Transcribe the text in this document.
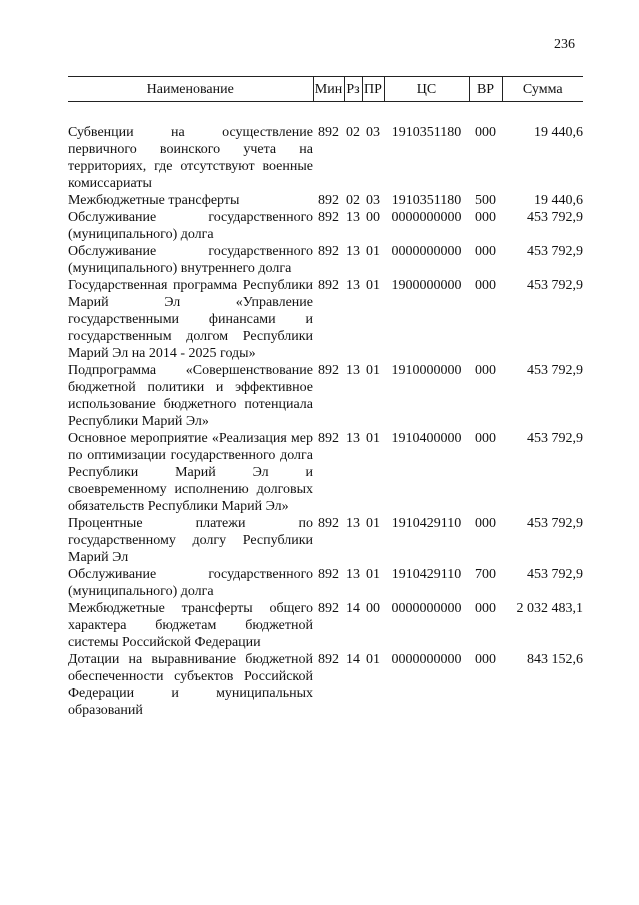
236
Наименование	Мин	Рз	ПР	ЦС	ВР	Сумма

Субвенции на осуществление первичного воинского учета на территориях, где отсутствуют военные комиссариаты	892	02	03	1910351180	000	19 440,6
Межбюджетные трансферты	892	02	03	1910351180	500	19 440,6
Обслуживание государственного (муниципального) долга	892	13	00	0000000000	000	453 792,9
Обслуживание государственного (муниципального) внутреннего долга	892	13	01	0000000000	000	453 792,9
Государственная программа Республики Марий Эл «Управление государственными финансами и государственным долгом Республики Марий Эл на 2014 - 2025 годы»	892	13	01	1900000000	000	453 792,9
Подпрограмма «Совершенствование бюджетной политики и эффективное использование бюджетного потенциала Республики Марий Эл»	892	13	01	1910000000	000	453 792,9
Основное мероприятие «Реализация мер по оптимизации государственного долга Республики Марий Эл и своевременному исполнению долговых обязательств Республики Марий Эл»	892	13	01	1910400000	000	453 792,9
Процентные платежи по государственному долгу Республики Марий Эл	892	13	01	1910429110	000	453 792,9
Обслуживание государственного (муниципального) долга	892	13	01	1910429110	700	453 792,9
Межбюджетные трансферты общего характера бюджетам бюджетной системы Российской Федерации	892	14	00	0000000000	000	2 032 483,1
Дотации на выравнивание бюджетной обеспеченности субъектов Российской Федерации и муниципальных образований	892	14	01	0000000000	000	843 152,6
